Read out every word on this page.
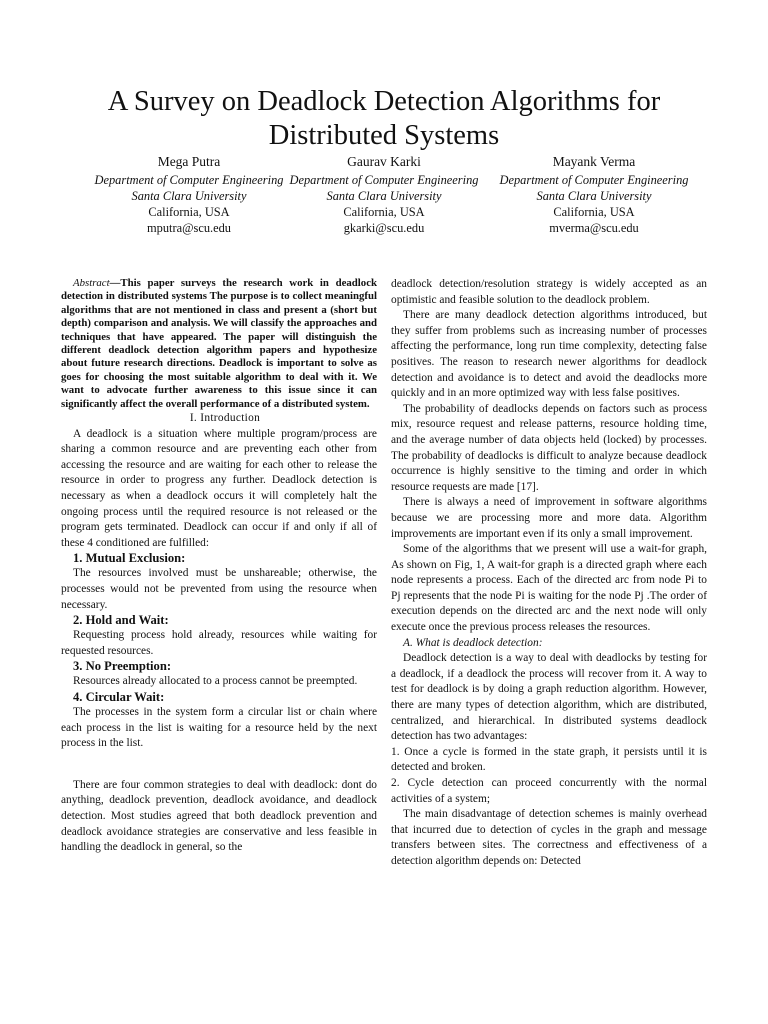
A Survey on Deadlock Detection Algorithms for Distributed Systems
Mega Putra
Department of Computer Engineering
Santa Clara University
California, USA
mputra@scu.edu
Gaurav Karki
Department of Computer Engineering
Santa Clara University
California, USA
gkarki@scu.edu
Mayank Verma
Department of Computer Engineering
Santa Clara University
California, USA
mverma@scu.edu

Abstract—This paper surveys the research work in deadlock detection in distributed systems The purpose is to collect meaningful algorithms that are not mentioned in class and present a (short but depth) comparison and analysis. We will classify the approaches and techniques that have appeared. The paper will distinguish the different deadlock detection algorithm papers and hypothesize about future research directions. Deadlock is important to solve as goes for choosing the most suitable algorithm to deal with it. We want to advocate further awareness to this issue since it can significantly affect the overall performance of a distributed system.

I. Introduction

A deadlock is a situation where multiple program/process are sharing a common resource and are preventing each other from accessing the resource and are waiting for each other to release the resource in order to progress any further. Deadlock detection is necessary as when a deadlock occurs it will completely halt the ongoing process until the required resource is not released or the program gets terminated. Deadlock can occur if and only if all of these 4 conditioned are fulfilled:

1. Mutual Exclusion:

The resources involved must be unshareable; otherwise, the processes would not be prevented from using the resource when necessary.

2. Hold and Wait:

Requesting process hold already, resources while waiting for requested resources.

3. No Preemption:

Resources already allocated to a process cannot be preempted.

4. Circular Wait:

The processes in the system form a circular list or chain where each process in the list is waiting for a resource held by the next process in the list.

There are four common strategies to deal with deadlock: dont do anything, deadlock prevention, deadlock avoidance, and deadlock detection. Most studies agreed that both deadlock prevention and deadlock avoidance strategies are conservative and less feasible in handling the deadlock in general, so the

deadlock detection/resolution strategy is widely accepted as an optimistic and feasible solution to the deadlock problem.

There are many deadlock detection algorithms introduced, but they suffer from problems such as increasing number of processes affecting the performance, long run time complexity, detecting false positives. The reason to research newer algorithms for deadlock detection and avoidance is to detect and avoid the deadlocks more quickly and in an more optimized way with less false positives.

The probability of deadlocks depends on factors such as process mix, resource request and release patterns, resource holding time, and the average number of data objects held (locked) by processes. The probability of deadlocks is difficult to analyze because deadlock occurrence is highly sensitive to the timing and order in which resource requests are made [17].

There is always a need of improvement in software algorithms because we are processing more and more data. Algorithm improvements are important even if its only a small improvement.

Some of the algorithms that we present will use a wait-for graph, As shown on Fig, 1, A wait-for graph is a directed graph where each node represents a process. Each of the directed arc from node Pi to Pj represents that the node Pi is waiting for the node Pj .The order of execution depends on the directed arc and the next node will only execute once the previous process releases the resources.

A. What is deadlock detection:

Deadlock detection is a way to deal with deadlocks by testing for a deadlock, if a deadlock the process will recover from it. A way to test for deadlock is by doing a graph reduction algorithm. However, there are many types of detection algorithm, which are distributed, centralized, and hierarchical. In distributed systems deadlock detection has two advantages:

1. Once a cycle is formed in the state graph, it persists until it is detected and broken.

2. Cycle detection can proceed concurrently with the normal activities of a system;

The main disadvantage of detection schemes is mainly overhead that incurred due to detection of cycles in the graph and message transfers between sites. The correctness and effectiveness of a detection algorithm depends on: Detected
